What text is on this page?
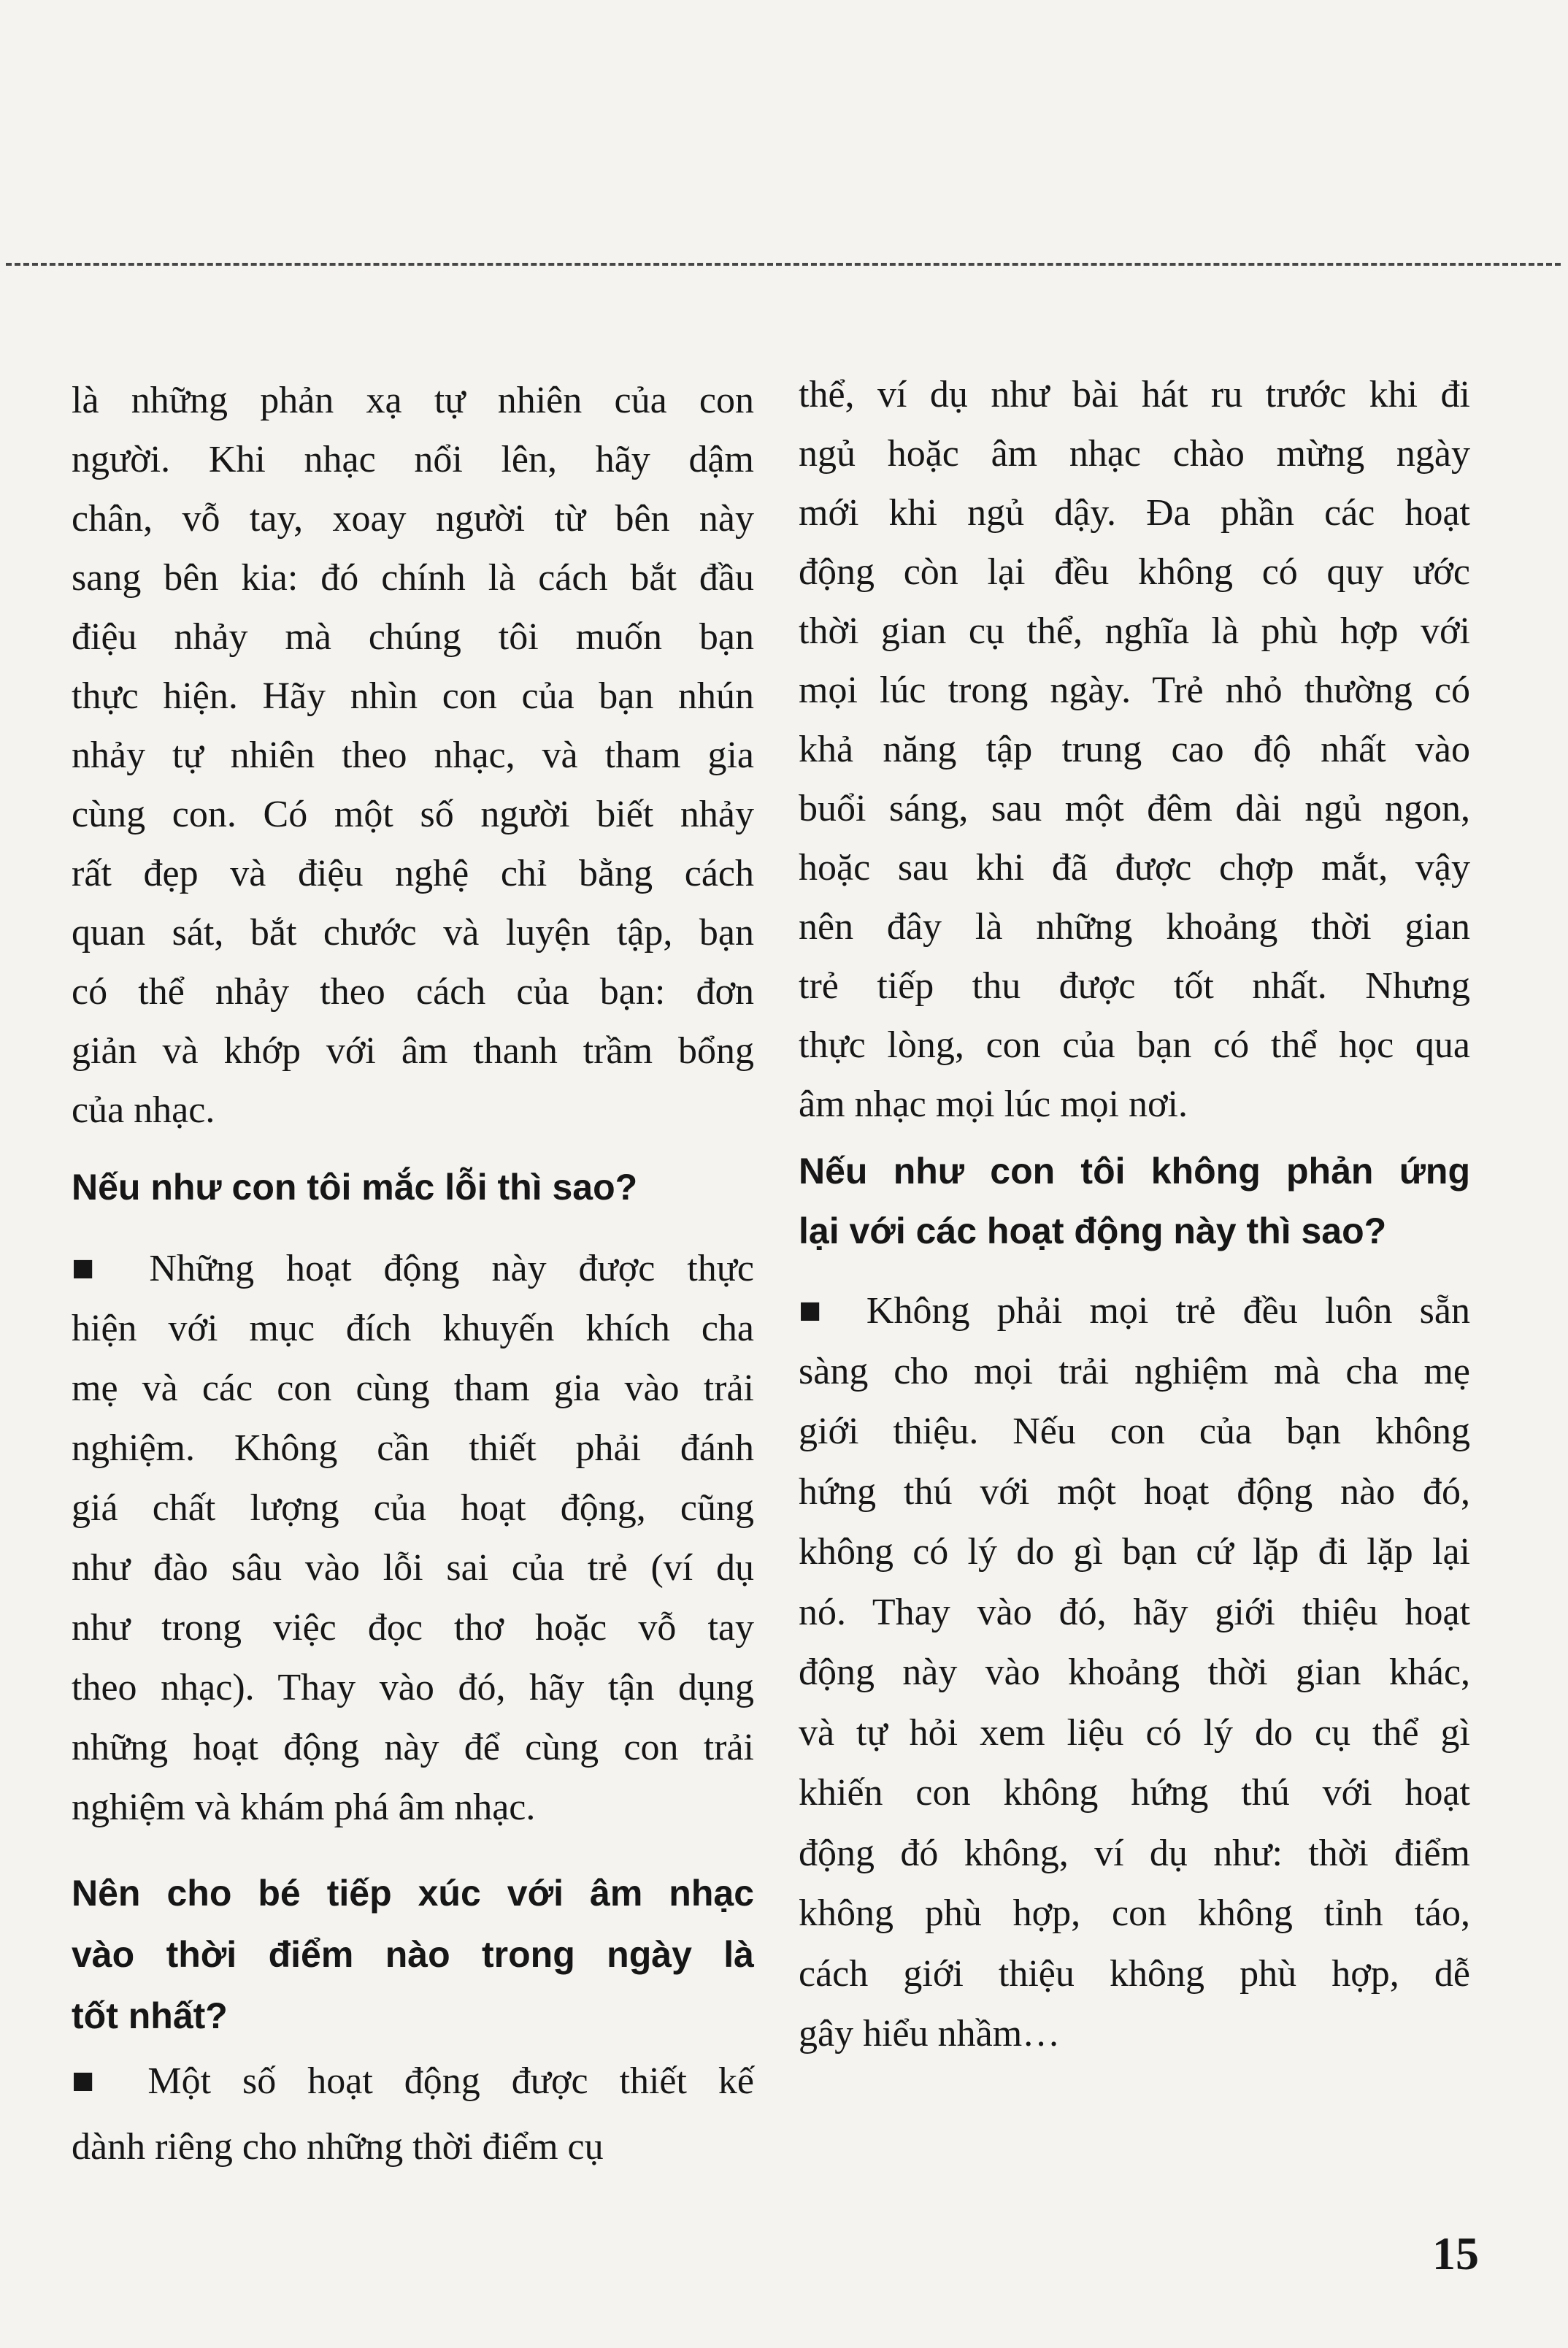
là những phản xạ tự nhiên của con
người. Khi nhạc nổi lên, hãy dậm
chân, vỗ tay, xoay người từ bên này
sang bên kia: đó chính là cách bắt đầu
điệu nhảy mà chúng tôi muốn bạn
thực hiện. Hãy nhìn con của bạn nhún
nhảy tự nhiên theo nhạc, và tham gia
cùng con. Có một số người biết nhảy
rất đẹp và điệu nghệ chỉ bằng cách
quan sát, bắt chước và luyện tập, bạn
có thể nhảy theo cách của bạn: đơn
giản và khớp với âm thanh trầm bổng
của nhạc.
Nếu như con tôi mắc lỗi thì sao?
■ Những hoạt động này được thực
hiện với mục đích khuyến khích cha
mẹ và các con cùng tham gia vào trải
nghiệm. Không cần thiết phải đánh
giá chất lượng của hoạt động, cũng
như đào sâu vào lỗi sai của trẻ (ví dụ
như trong việc đọc thơ hoặc vỗ tay
theo nhạc). Thay vào đó, hãy tận dụng
những hoạt động này để cùng con trải
nghiệm và khám phá âm nhạc.
Nên cho bé tiếp xúc với âm nhạc
vào thời điểm nào trong ngày là
tốt nhất?
■ Một số hoạt động được thiết kế
dành riêng cho những thời điểm cụ
thể, ví dụ như bài hát ru trước khi đi
ngủ hoặc âm nhạc chào mừng ngày
mới khi ngủ dậy. Đa phần các hoạt
động còn lại đều không có quy ước
thời gian cụ thể, nghĩa là phù hợp với
mọi lúc trong ngày. Trẻ nhỏ thường có
khả năng tập trung cao độ nhất vào
buổi sáng, sau một đêm dài ngủ ngon,
hoặc sau khi đã được chợp mắt, vậy
nên đây là những khoảng thời gian
trẻ tiếp thu được tốt nhất. Nhưng
thực lòng, con của bạn có thể học qua
âm nhạc mọi lúc mọi nơi.
Nếu như con tôi không phản ứng
lại với các hoạt động này thì sao?
■ Không phải mọi trẻ đều luôn sẵn
sàng cho mọi trải nghiệm mà cha mẹ
giới thiệu. Nếu con của bạn không
hứng thú với một hoạt động nào đó,
không có lý do gì bạn cứ lặp đi lặp lại
nó. Thay vào đó, hãy giới thiệu hoạt
động này vào khoảng thời gian khác,
và tự hỏi xem liệu có lý do cụ thể gì
khiến con không hứng thú với hoạt
động đó không, ví dụ như: thời điểm
không phù hợp, con không tỉnh táo,
cách giới thiệu không phù hợp, dễ
gây hiểu nhầm…
15
